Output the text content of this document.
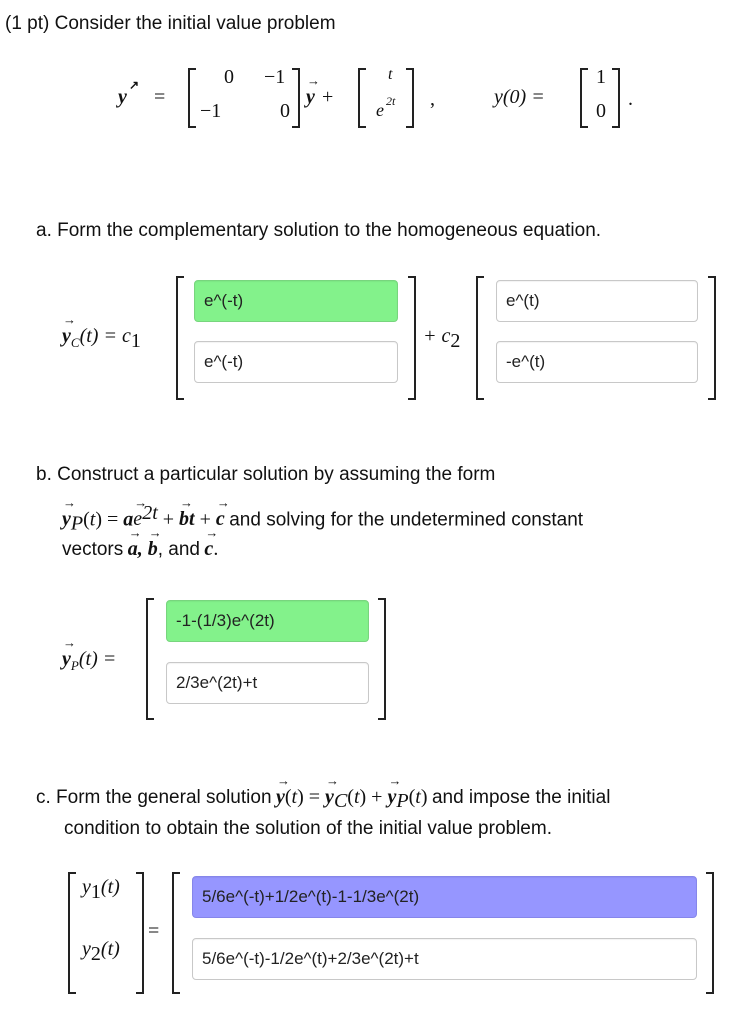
(1 pt) Consider the initial value problem
y
↗
=
0 −1
−1	0
→ y +
t
e 2t ,	y(0) =
1
0
.
a. Form the complementary solution to the homogeneous equation.
→ $y_C(t) = c_1$
e^(-t)
e^(-t)
+ $c_2$
e^(t)
-e^(t)
b. Construct a particular solution by assuming the form
→ $y_P(t) = a\to e^{2t}$ + → bt + → c and solving for the undetermined constant
vectors → a, → b, and → c.
→ $y_P(t)$ =
-1-(1/3)e^(2t)
2/3e^(2t)+t
c. Form the general solution → y(t) = → $y_C(t)$ + → $y_P(t)$ and impose the initial
condition to obtain the solution of the initial value problem.
$y_1(t)$
$y_2(t)$
=
5/6e^(-t)+1/2e^(t)-1-1/3e^(2t)
5/6e^(-t)-1/2e^(t)+2/3e^(2t)+t
